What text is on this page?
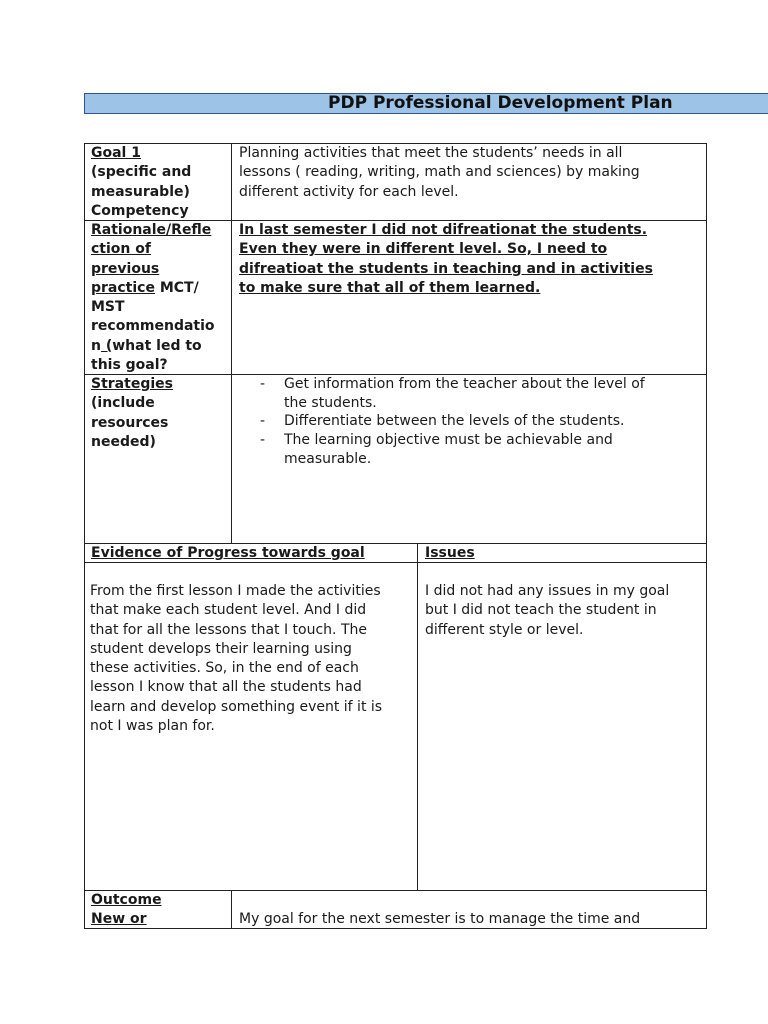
PDP Professional Development Plan
Goal 1
(specific and
measurable)
Competency
Planning activities that meet the students’ needs in all
lessons ( reading, writing, math and sciences) by making
different activity for each level.
Rationale/Refle
ction of
previous
practice MCT/
MST
recommendatio
n (what led to
this goal?
In last semester I did not difreationat the students.
Even they were in different level. So, I need to
difreatioat the students in teaching and in activities
to make sure that all of them learned.
Strategies
(include
resources
needed)
- Get information from the teacher about the level of
the students.
- Differentiate between the levels of the students.
- The learning objective must be achievable and
measurable.
Evidence of Progress towards goal	Issues
From the first lesson I made the activities
that make each student level. And I did
that for all the lessons that I touch. The
student develops their learning using
these activities. So, in the end of each
lesson I know that all the students had
learn and develop something event if it is
not I was plan for.
I did not had any issues in my goal
but I did not teach the student in
different style or level.
Outcome
New or	My goal for the next semester is to manage the time and
